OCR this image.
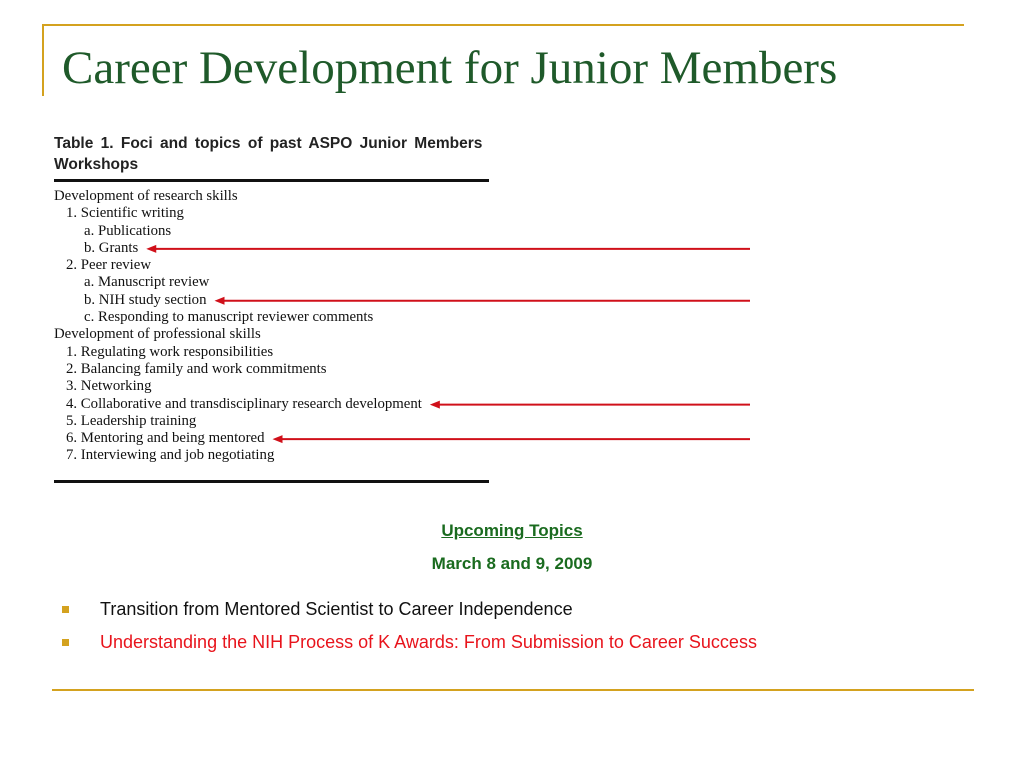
Career Development for Junior Members
Table 1. Foci and topics of past ASPO Junior Members
Workshops
Development of research skills
1. Scientific writing
a. Publications
b. Grants
2. Peer review
a. Manuscript review
b. NIH study section
c. Responding to manuscript reviewer comments
Development of professional skills
1. Regulating work responsibilities
2. Balancing family and work commitments
3. Networking
4. Collaborative and transdisciplinary research development
5. Leadership training
6. Mentoring and being mentored
7. Interviewing and job negotiating
Upcoming Topics
March 8 and 9, 2009
Transition from Mentored Scientist to Career Independence
Understanding the NIH Process of K Awards: From Submission to Career Success
